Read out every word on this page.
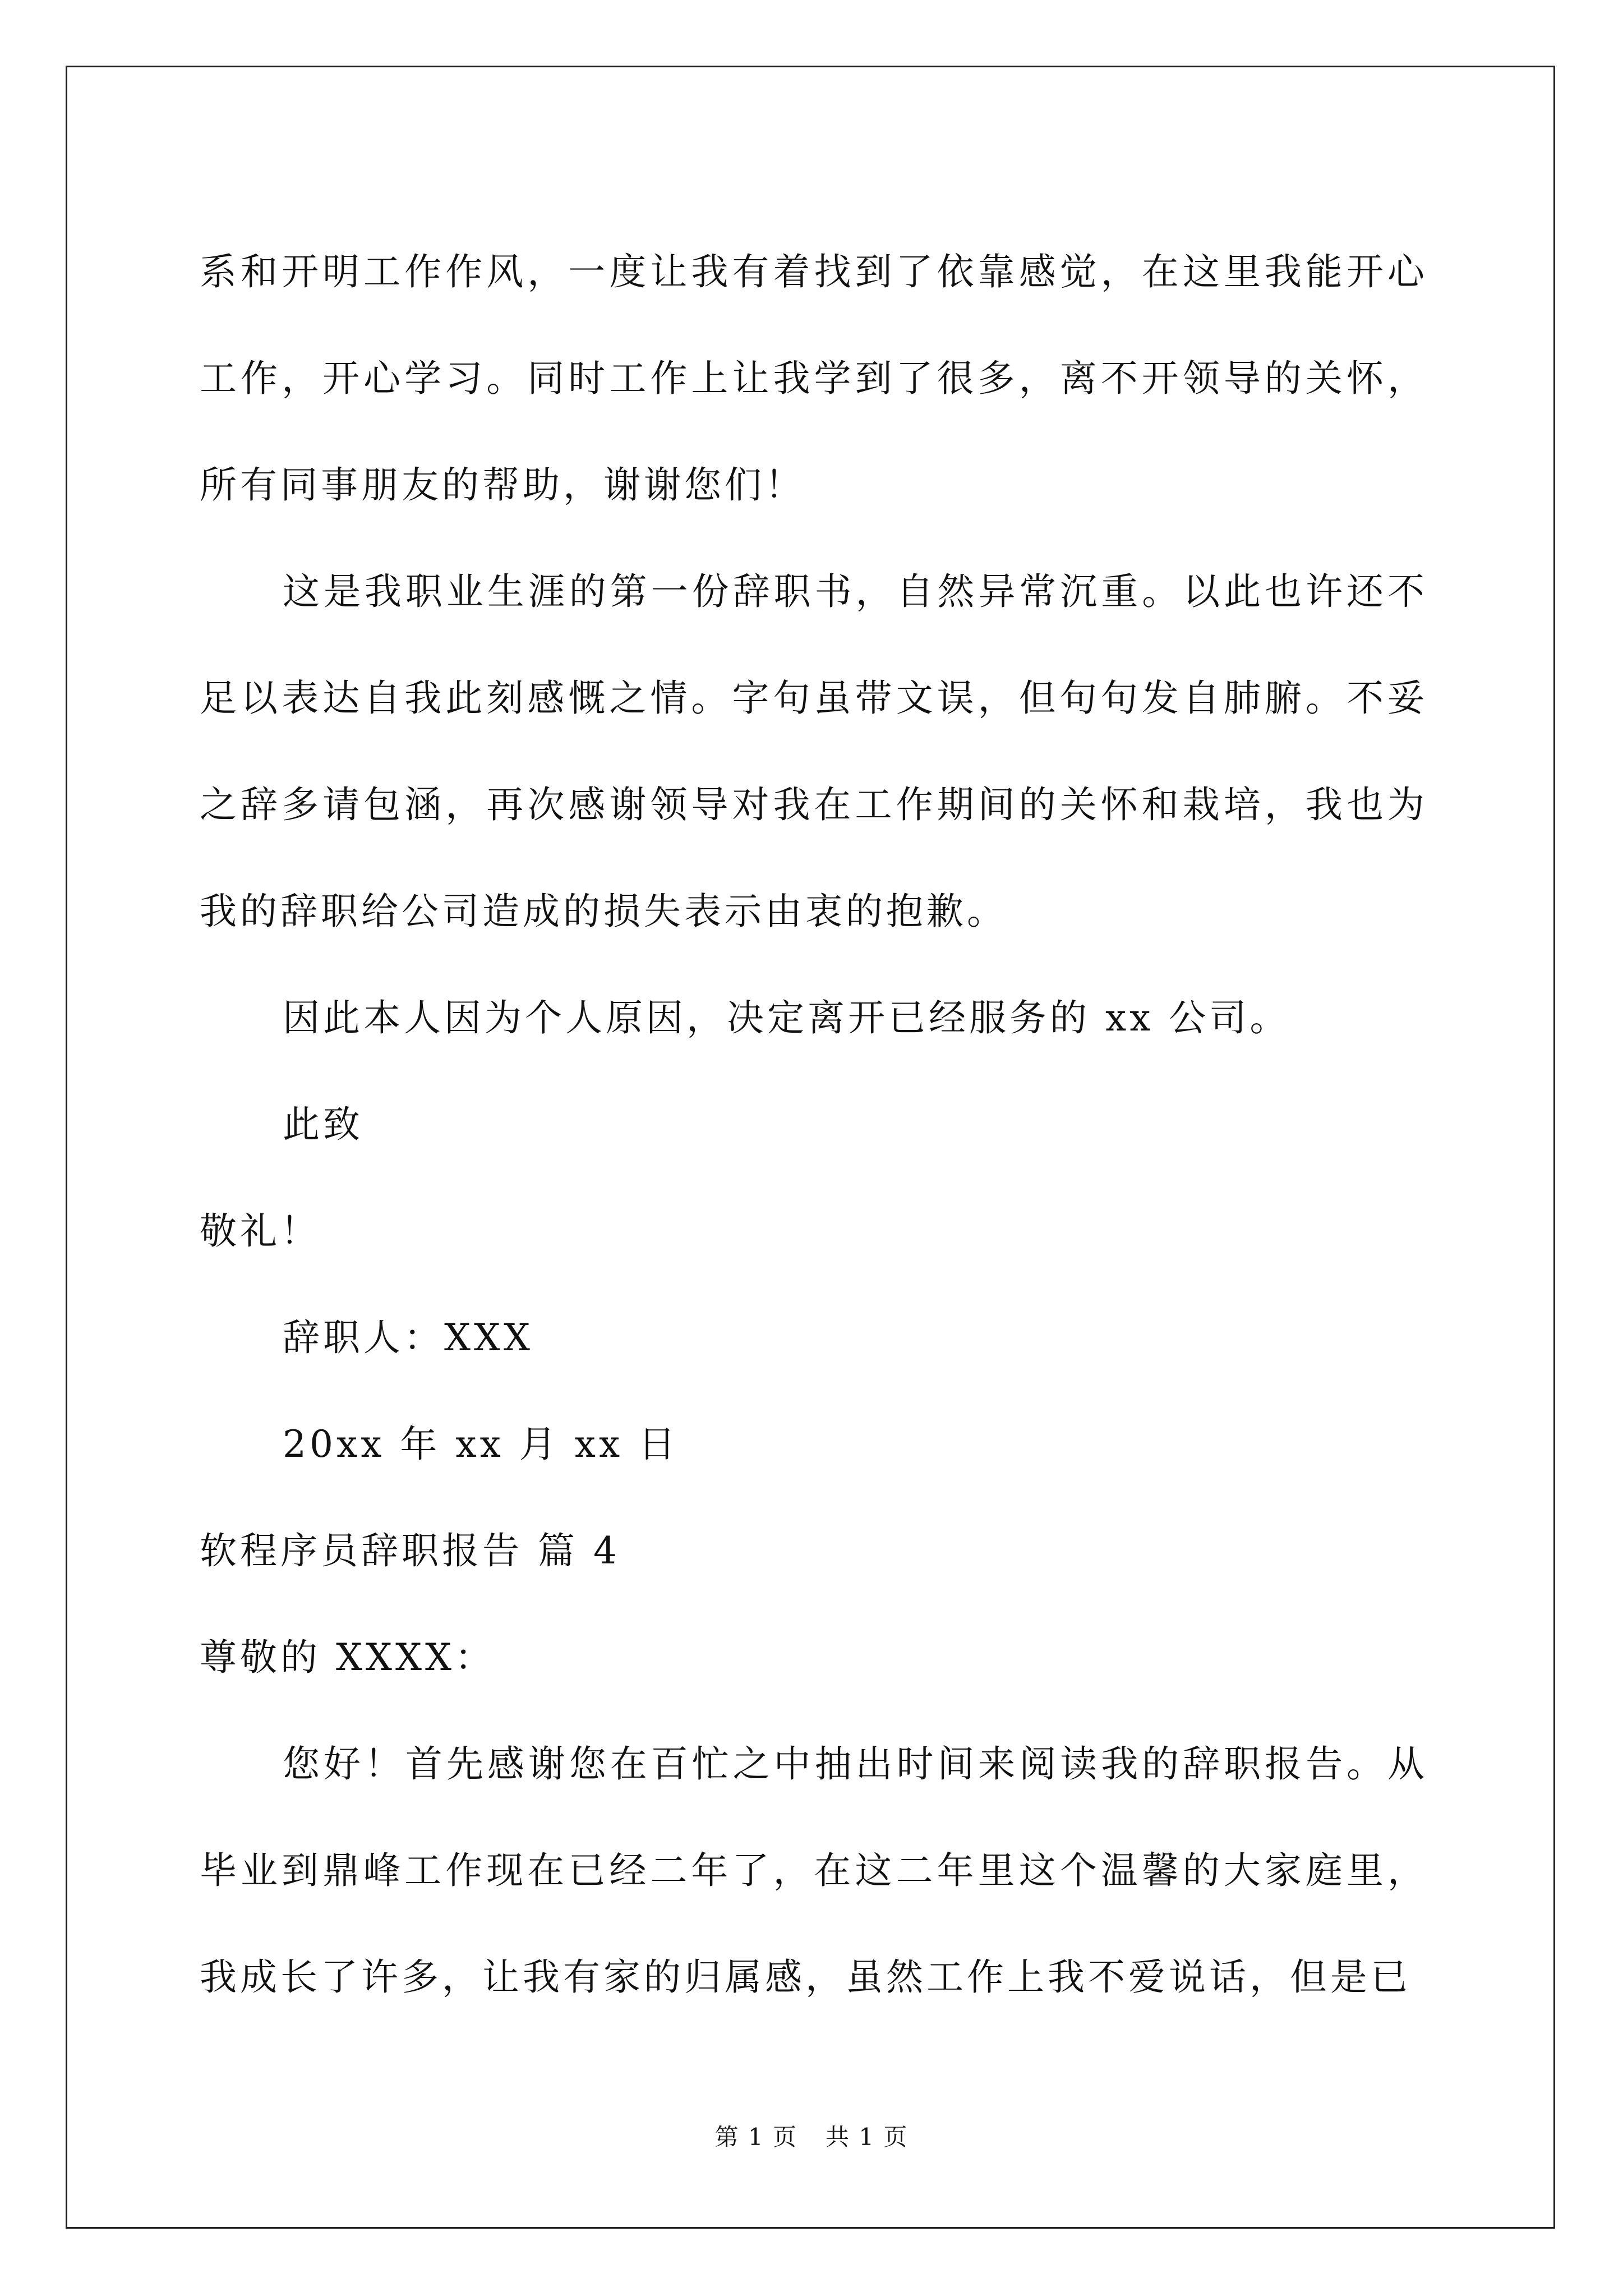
系和开明工作作风，一度让我有着找到了依靠感觉，在这里我能开心工作，开心学习。同时工作上让我学到了很多，离不开领导的关怀，所有同事朋友的帮助，谢谢您们！

这是我职业生涯的第一份辞职书，自然异常沉重。以此也许还不足以表达自我此刻感慨之情。字句虽带文误，但句句发自肺腑。不妥之辞多请包涵，再次感谢领导对我在工作期间的关怀和栽培，我也为我的辞职给公司造成的损失表示由衷的抱歉。

因此本人因为个人原因，决定离开已经服务的 xx 公司。

此致

敬礼！

辞职人：XXX

20xx 年 xx 月 xx 日

软程序员辞职报告 篇 4

尊敬的 XXXX：

您好！首先感谢您在百忙之中抽出时间来阅读我的辞职报告。从毕业到鼎峰工作现在已经二年了，在这二年里这个温馨的大家庭里，我成长了许多，让我有家的归属感，虽然工作上我不爱说话，但是已

第 1 页 共 1 页
